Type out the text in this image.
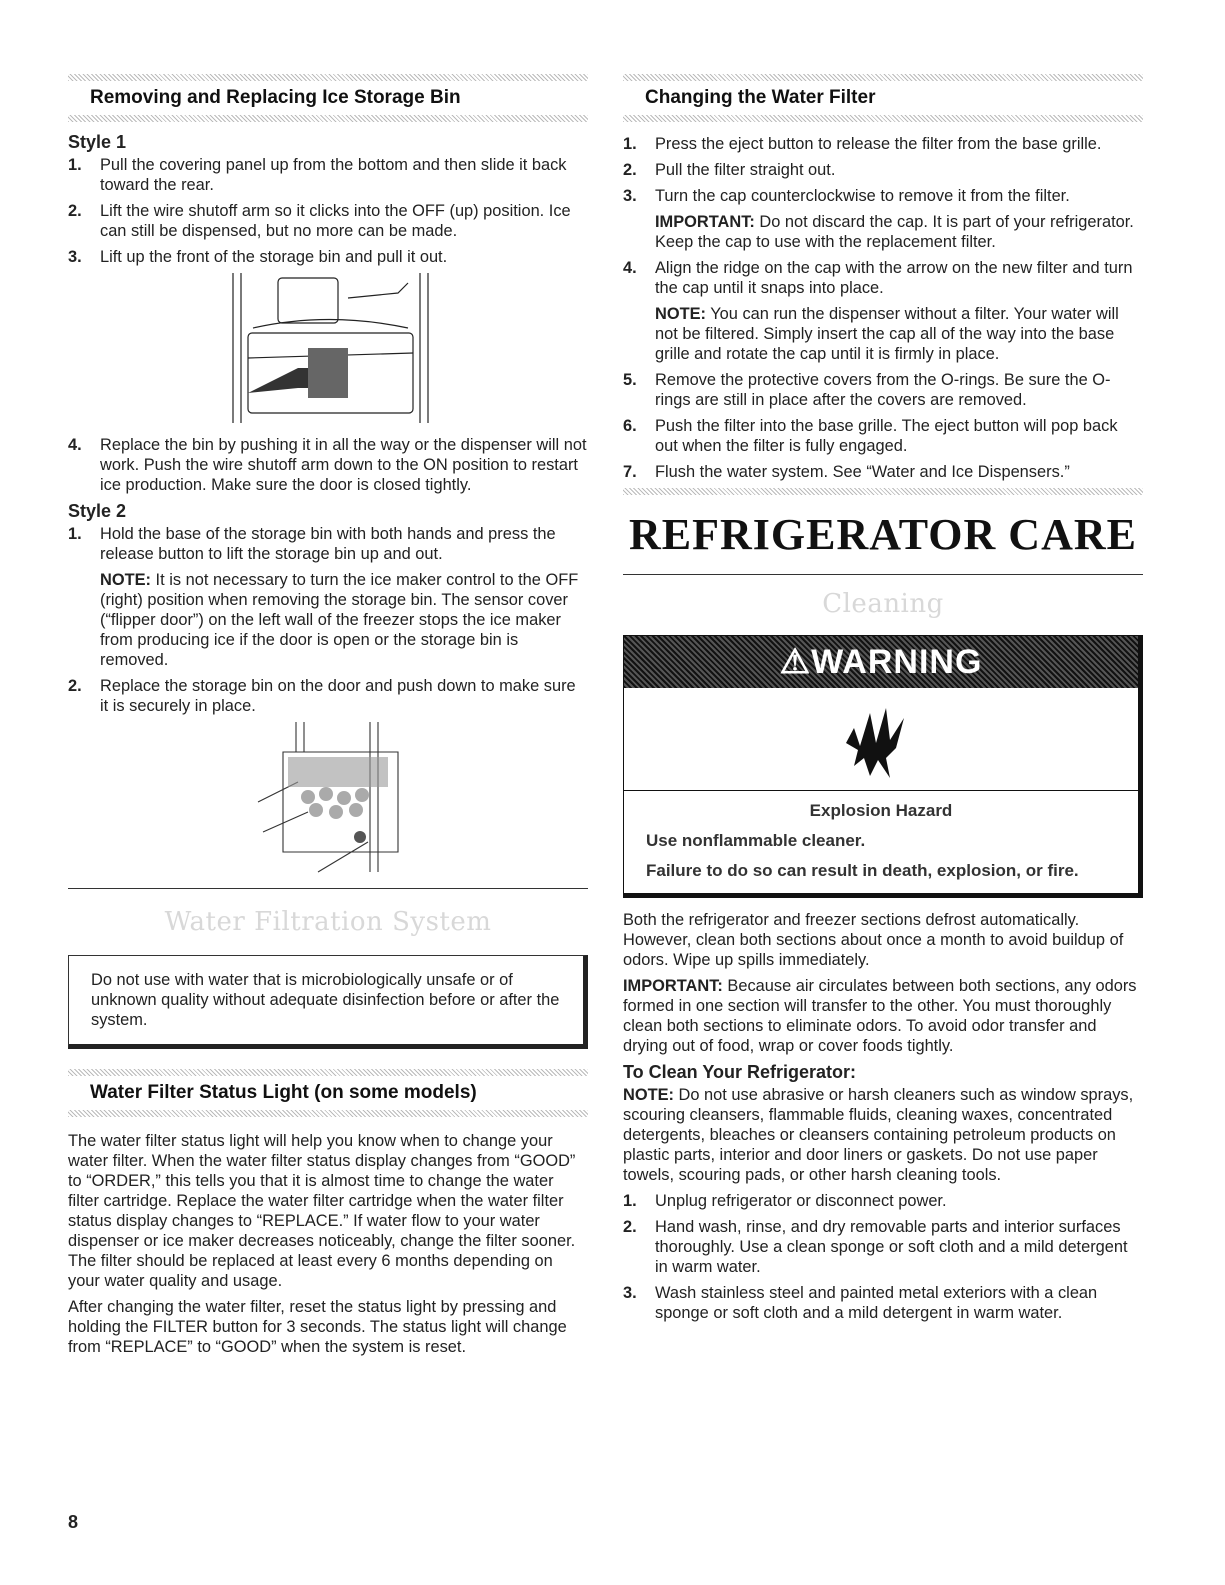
Removing and Replacing Ice Storage Bin
Style 1
1. Pull the covering panel up from the bottom and then slide it back toward the rear.
2. Lift the wire shutoff arm so it clicks into the OFF (up) position. Ice can still be dispensed, but no more can be made.
3. Lift up the front of the storage bin and pull it out.
4. Replace the bin by pushing it in all the way or the dispenser will not work. Push the wire shutoff arm down to the ON position to restart ice production. Make sure the door is closed tightly.
Style 2
1. Hold the base of the storage bin with both hands and press the release button to lift the storage bin up and out.
NOTE: It is not necessary to turn the ice maker control to the OFF (right) position when removing the storage bin. The sensor cover (“flipper door”) on the left wall of the freezer stops the ice maker from producing ice if the door is open or the storage bin is removed.
2. Replace the storage bin on the door and push down to make sure it is securely in place.
Water Filtration System

Do not use with water that is microbiologically unsafe or of unknown quality without adequate disinfection before or after the system.

Water Filter Status Light (on some models)

The water filter status light will help you know when to change your water filter. When the water filter status display changes from “GOOD” to “ORDER,” this tells you that it is almost time to change the water filter cartridge. Replace the water filter cartridge when the water filter status display changes to “REPLACE.” If water flow to your water dispenser or ice maker decreases noticeably, change the filter sooner. The filter should be replaced at least every 6 months depending on your water quality and usage.

After changing the water filter, reset the status light by pressing and holding the FILTER button for 3 seconds. The status light will change from “REPLACE” to “GOOD” when the system is reset.

Changing the Water Filter
1. Press the eject button to release the filter from the base grille.
2. Pull the filter straight out.
3. Turn the cap counterclockwise to remove it from the filter.
IMPORTANT: Do not discard the cap. It is part of your refrigerator. Keep the cap to use with the replacement filter.
4. Align the ridge on the cap with the arrow on the new filter and turn the cap until it snaps into place.
NOTE: You can run the dispenser without a filter. Your water will not be filtered. Simply insert the cap all of the way into the base grille and rotate the cap until it is firmly in place.
5. Remove the protective covers from the O-rings. Be sure the O-rings are still in place after the covers are removed.
6. Push the filter into the base grille. The eject button will pop back out when the filter is fully engaged.
7. Flush the water system. See “Water and Ice Dispensers.”
REFRIGERATOR CARE
Cleaning
⚠WARNING
Explosion Hazard
Use nonflammable cleaner.
Failure to do so can result in death, explosion, or fire.

Both the refrigerator and freezer sections defrost automatically. However, clean both sections about once a month to avoid buildup of odors. Wipe up spills immediately.

IMPORTANT: Because air circulates between both sections, any odors formed in one section will transfer to the other. You must thoroughly clean both sections to eliminate odors. To avoid odor transfer and drying out of food, wrap or cover foods tightly.

To Clean Your Refrigerator:

NOTE: Do not use abrasive or harsh cleaners such as window sprays, scouring cleansers, flammable fluids, cleaning waxes, concentrated detergents, bleaches or cleansers containing petroleum products on plastic parts, interior and door liners or gaskets. Do not use paper towels, scouring pads, or other harsh cleaning tools.

1. Unplug refrigerator or disconnect power.
2. Hand wash, rinse, and dry removable parts and interior surfaces thoroughly. Use a clean sponge or soft cloth and a mild detergent in warm water.
3. Wash stainless steel and painted metal exteriors with a clean sponge or soft cloth and a mild detergent in warm water.
8
